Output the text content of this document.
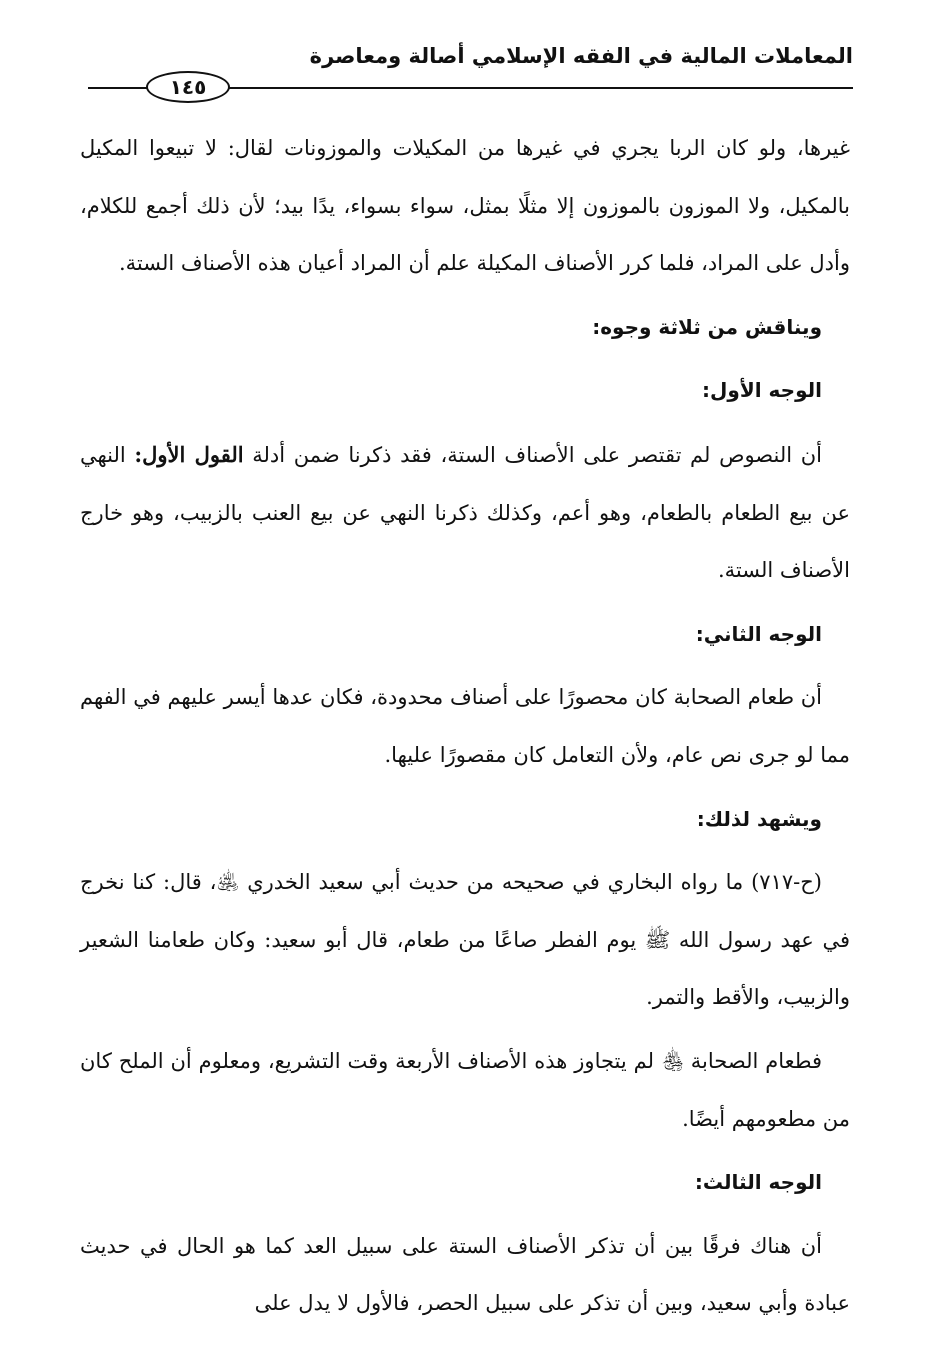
المعاملات المالية في الفقه الإسلامي أصالة ومعاصرة
١٤٥

غيرها، ولو كان الربا يجري في غيرها من المكيلات والموزونات لقال: لا تبيعوا المكيل بالمكيل، ولا الموزون بالموزون إلا مثلًا بمثل، سواء بسواء، يدًا بيد؛ لأن ذلك أجمع للكلام، وأدل على المراد، فلما كرر الأصناف المكيلة علم أن المراد أعيان هذه الأصناف الستة.

ويناقش من ثلاثة وجوه:

الوجه الأول:

أن النصوص لم تقتصر على الأصناف الستة، فقد ذكرنا ضمن أدلة القول الأول: النهي عن بيع الطعام بالطعام، وهو أعم، وكذلك ذكرنا النهي عن بيع العنب بالزبيب، وهو خارج الأصناف الستة.

الوجه الثاني:

أن طعام الصحابة كان محصورًا على أصناف محدودة، فكان عدها أيسر عليهم في الفهم مما لو جرى نص عام، ولأن التعامل كان مقصورًا عليها.

ويشهد لذلك:

(ح-٧١٧) ما رواه البخاري في صحيحه من حديث أبي سعيد الخدري ﵁، قال: كنا نخرج في عهد رسول الله ﷺ يوم الفطر صاعًا من طعام، قال أبو سعيد: وكان طعامنا الشعير والزبيب، والأقط والتمر.

فطعام الصحابة ﵃ لم يتجاوز هذه الأصناف الأربعة وقت التشريع، ومعلوم أن الملح كان من مطعومهم أيضًا.

الوجه الثالث:

أن هناك فرقًا بين أن تذكر الأصناف الستة على سبيل العد كما هو الحال في حديث عبادة وأبي سعيد، وبين أن تذكر على سبيل الحصر، فالأول لا يدل على
